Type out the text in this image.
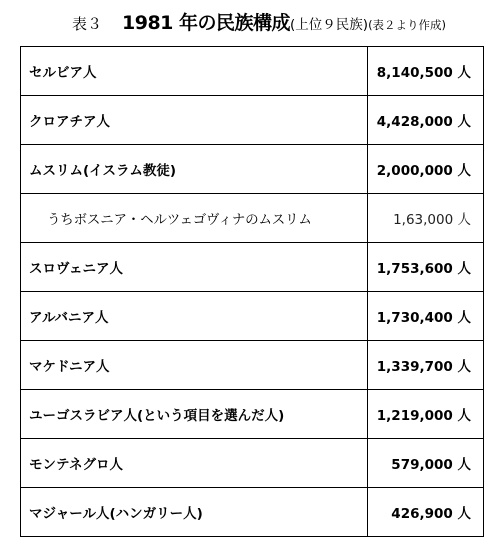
表３ 1981 年の民族構成(上位９民族)(表２より作成)
セルビア人	8,140,500 人
クロアチア人	4,428,000 人
ムスリム(イスラム教徒)	2,000,000 人
うちボスニア・ヘルツェゴヴィナのムスリム	1,63,000 人
スロヴェニア人	1,753,600 人
アルバニア人	1,730,400 人
マケドニア人	1,339,700 人
ユーゴスラビア人(という項目を選んだ人)	1,219,000 人
モンテネグロ人	579,000 人
マジャール人(ハンガリー人)	426,900 人
